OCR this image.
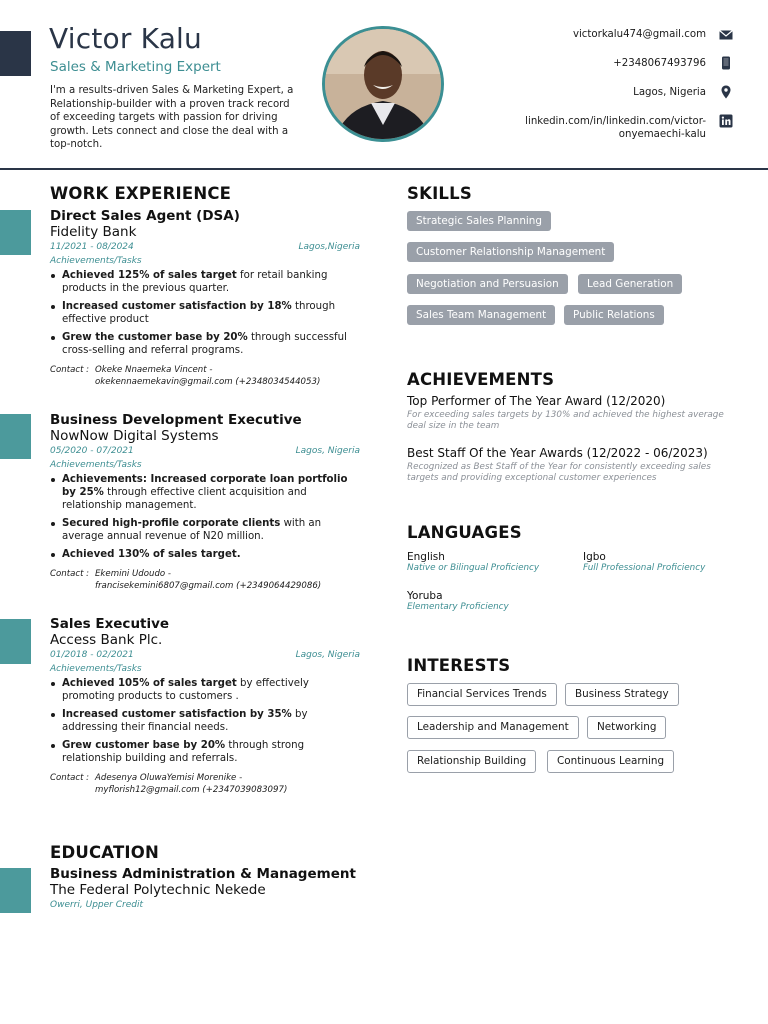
Victor Kalu
Sales & Marketing Expert
I'm a results-driven Sales & Marketing Expert, a Relationship-builder with a proven track record of exceeding targets with passion for driving growth. Lets connect and close the deal with a top-notch.
victorkalu474@gmail.com
+2348067493796
Lagos, Nigeria
linkedin.com/in/linkedin.com/victor-
onyemaechi-kalu
WORK EXPERIENCE
Direct Sales Agent (DSA)
Fidelity Bank
11/2021 - 08/2024	Lagos,Nigeria
Achievements/Tasks
Achieved 125% of sales target for retail banking products in the previous quarter.
Increased customer satisfaction by 18% through effective product
Grew the customer base by 20% through successful cross-selling and referral programs.
Contact : Okeke Nnaemeka Vincent -
okekennaemekavin@gmail.com (+2348034544053)
Business Development Executive
NowNow Digital Systems
05/2020 - 07/2021	Lagos, Nigeria
Achievements/Tasks
Achievements: Increased corporate loan portfolio by 25% through effective client acquisition and relationship management.
Secured high-profile corporate clients with an average annual revenue of N20 million.
Achieved 130% of sales target.
Contact : Ekemini Udoudo -
francisekemini6807@gmail.com (+2349064429086)
Sales Executive
Access Bank Plc.
01/2018 - 02/2021	Lagos, Nigeria
Achievements/Tasks
Achieved 105% of sales target by effectively promoting products to customers .
Increased customer satisfaction by 35% by addressing their financial needs.
Grew customer base by 20% through strong relationship building and referrals.
Contact : Adesenya OluwaYemisi Morenike -
myflorish12@gmail.com (+2347039083097)
EDUCATION
Business Administration & Management
The Federal Polytechnic Nekede
Owerri, Upper Credit
SKILLS
Strategic Sales Planning
Customer Relationship Management
Negotiation and Persuasion	Lead Generation
Sales Team Management	Public Relations
ACHIEVEMENTS
Top Performer of The Year Award (12/2020)
For exceeding sales targets by 130% and achieved the highest average deal size in the team
Best Staff Of the Year Awards (12/2022 - 06/2023)
Recognized as Best Staff of the Year for consistently exceeding sales targets and providing exceptional customer experiences
LANGUAGES
English
Native or Bilingual Proficiency
Igbo
Full Professional Proficiency
Yoruba
Elementary Proficiency
INTERESTS
Financial Services Trends	Business Strategy
Leadership and Management	Networking
Relationship Building	Continuous Learning
